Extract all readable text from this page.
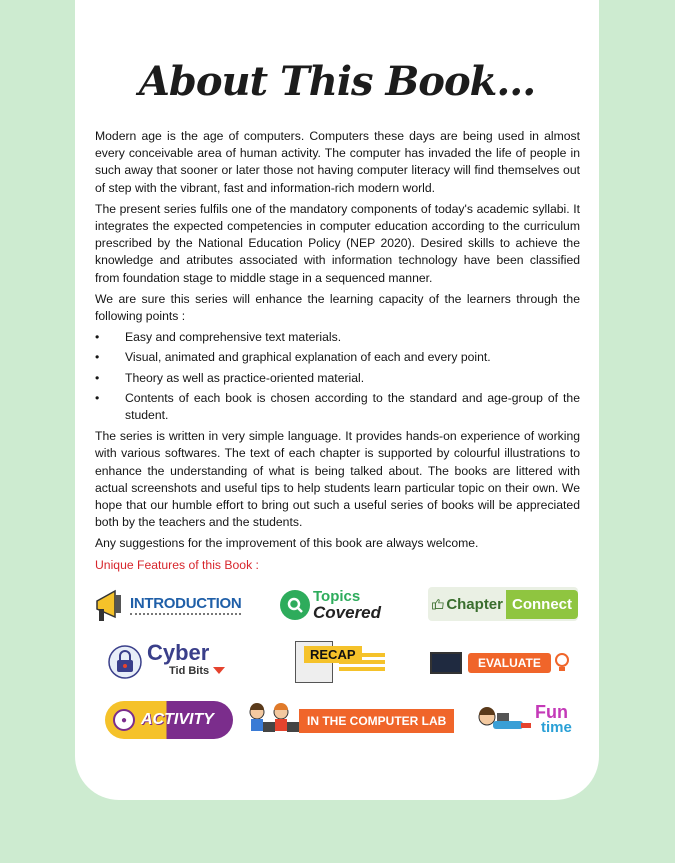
About This Book...

Modern age is the age of computers. Computers these days are being used in almost every conceivable area of human activity. The computer has invaded the life of people in such away that sooner or later those not having computer literacy will find themselves out of step with the vibrant, fast and information-rich modern world.

The present series fulfils one of the mandatory components of today's academic syllabi. It integrates the expected competencies in computer education according to the curriculum prescribed by the National Education Policy (NEP 2020). Desired skills to achieve the knowledge and atributes associated with information technology have been classified from foundation stage to middle stage in a sequenced manner.

We are sure this series will enhance the learning capacity of the learners through the following points :

• Easy and comprehensive text materials.
• Visual, animated and graphical explanation of each and every point.
• Theory as well as practice-oriented material.
• Contents of each book is chosen according to the standard and age-group of the student.

The series is written in very simple language. It provides hands-on experience of working with various softwares. The text of each chapter is supported by colourful illustrations to enhance the understanding of what is being talked about. The books are littered with actual screenshots and useful tips to help students learn particular topic on their own. We hope that our humble effort to bring out such a useful series of books will be appreciated both by the teachers and the students.

Any suggestions for the improvement of this book are always welcome.

Unique Features of this Book :

INTRODUCTION	Topics
Covered	Chapter Connect
Cyber
Tid Bits
RECAP
EVALUATE
● ACTIVITY	IN THE COMPUTER LAB	Fun
time
